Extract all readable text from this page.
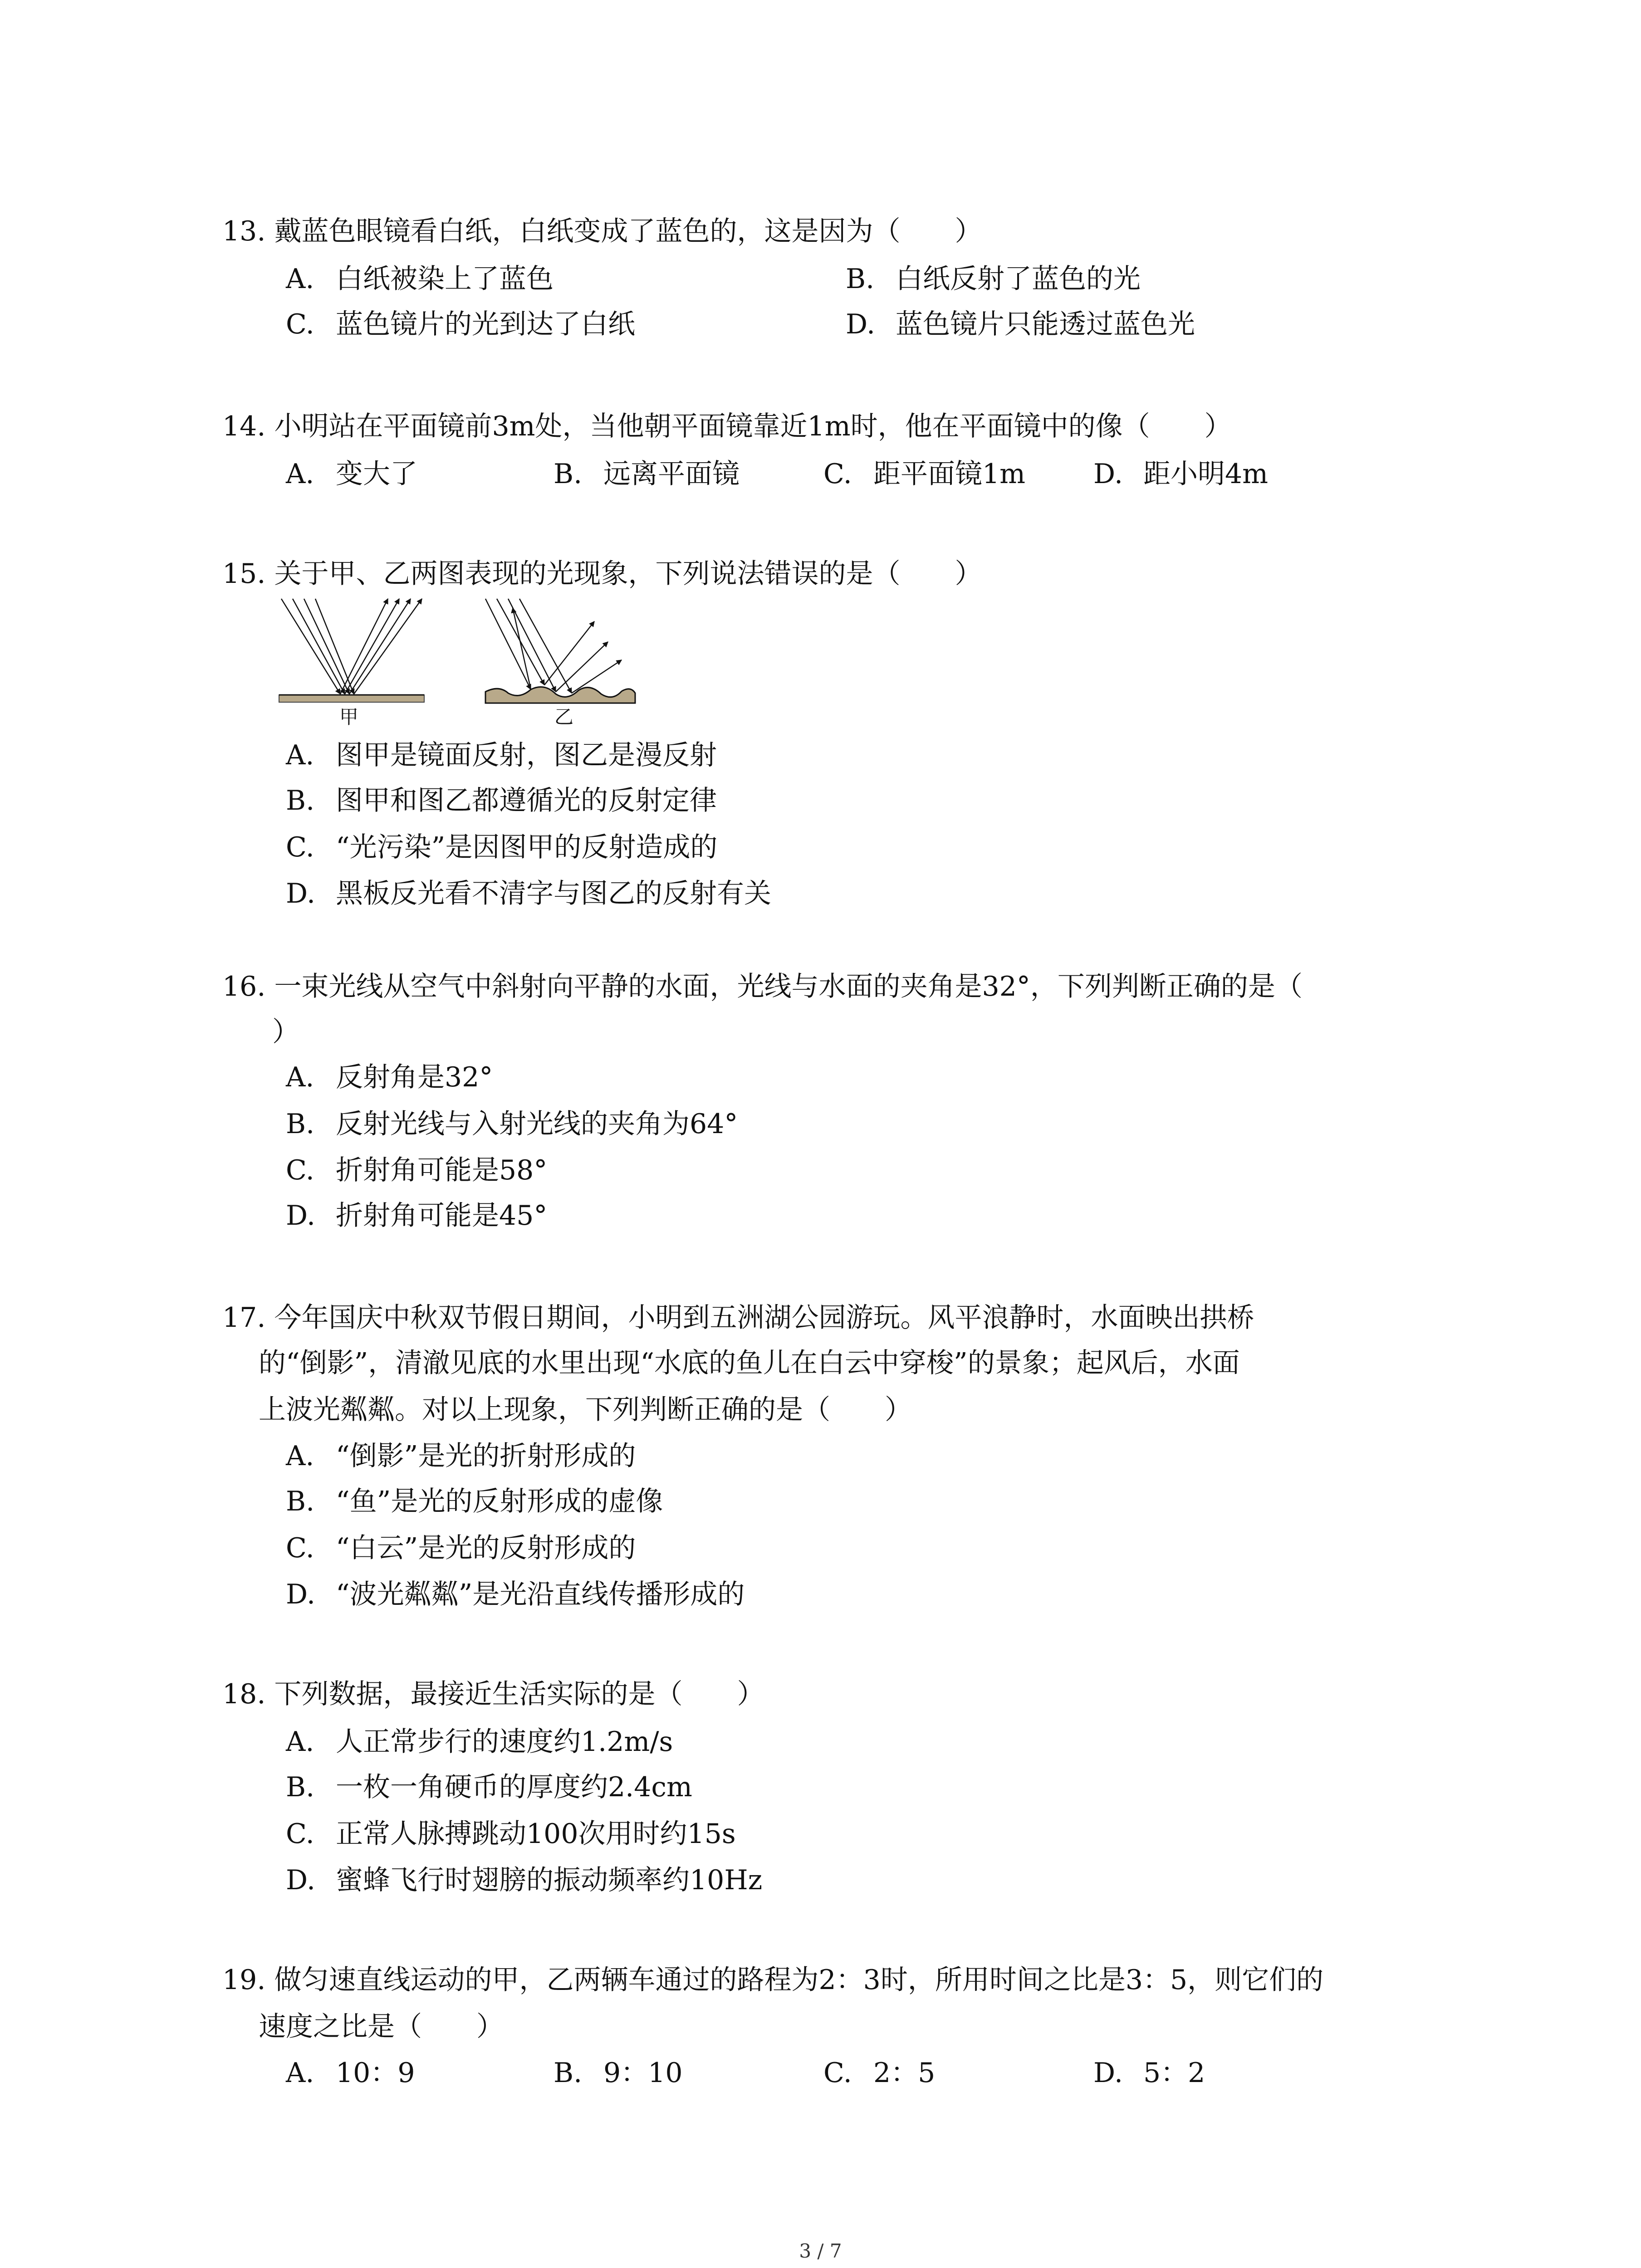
13. 戴蓝色眼镜看白纸，白纸变成了蓝色的，这是因为（　　）
A. 白纸被染上了蓝色	B. 白纸反射了蓝色的光
C. 蓝色镜片的光到达了白纸	D. 蓝色镜片只能透过蓝色光
14. 小明站在平面镜前3m处，当他朝平面镜靠近1m时，他在平面镜中的像（　　）
A. 变大了	B. 远离平面镜	C. 距平面镜1m D. 距小明4m
15. 关于甲、乙两图表现的光现象，下列说法错误的是（　　）
甲	乙
A. 图甲是镜面反射，图乙是漫反射
B. 图甲和图乙都遵循光的反射定律
C. “光污染”是因图甲的反射造成的
D. 黑板反光看不清字与图乙的反射有关
16. 一束光线从空气中斜射向平静的水面，光线与水面的夹角是32°，下列判断正确的是（
）
A. 反射角是32°
B. 反射光线与入射光线的夹角为64°
C. 折射角可能是58°
D. 折射角可能是45°
17. 今年国庆中秋双节假日期间，小明到五洲湖公园游玩。风平浪静时，水面映出拱桥
的“倒影”，清澈见底的水里出现“水底的鱼儿在白云中穿梭”的景象；起风后，水面
上波光粼粼。对以上现象，下列判断正确的是（　　）
A. “倒影”是光的折射形成的
B. “鱼”是光的反射形成的虚像
C. “白云”是光的反射形成的
D. “波光粼粼”是光沿直线传播形成的
18. 下列数据，最接近生活实际的是（　　）
A. 人正常步行的速度约1.2m/s
B. 一枚一角硬币的厚度约2.4cm
C. 正常人脉搏跳动100次用时约15s
D. 蜜蜂飞行时翅膀的振动频率约10Hz
19. 做匀速直线运动的甲，乙两辆车通过的路程为2：3时，所用时间之比是3：5，则它们的
速度之比是（　　）
A. 10：9	B. 9：10	C. 2：5	D. 5：2
3 / 7
